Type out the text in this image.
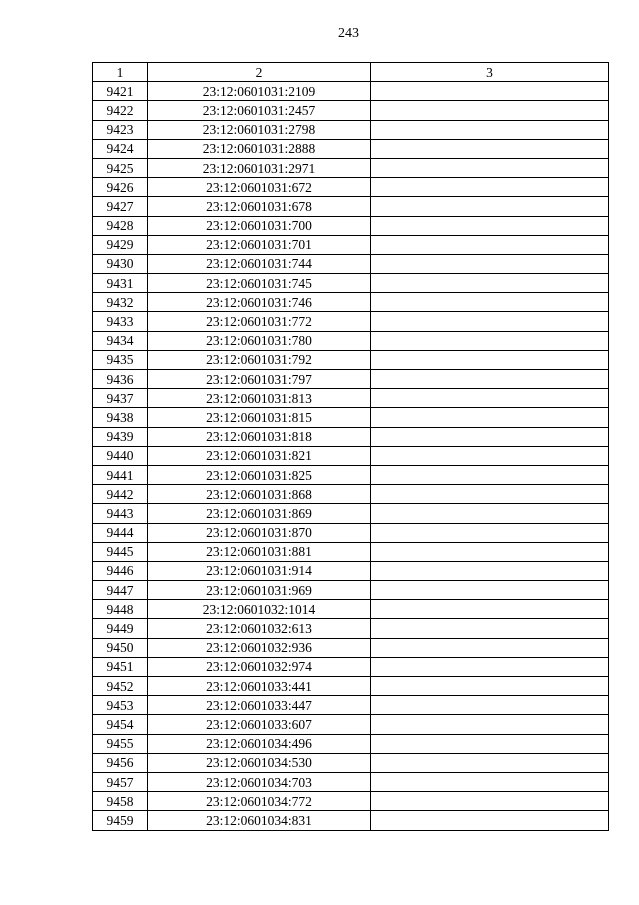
243
1	2	3
9421	23:12:0601031:2109	
9422	23:12:0601031:2457	
9423	23:12:0601031:2798	
9424	23:12:0601031:2888	
9425	23:12:0601031:2971	
9426	23:12:0601031:672	
9427	23:12:0601031:678	
9428	23:12:0601031:700	
9429	23:12:0601031:701	
9430	23:12:0601031:744	
9431	23:12:0601031:745	
9432	23:12:0601031:746	
9433	23:12:0601031:772	
9434	23:12:0601031:780	
9435	23:12:0601031:792	
9436	23:12:0601031:797	
9437	23:12:0601031:813	
9438	23:12:0601031:815	
9439	23:12:0601031:818	
9440	23:12:0601031:821	
9441	23:12:0601031:825	
9442	23:12:0601031:868	
9443	23:12:0601031:869	
9444	23:12:0601031:870	
9445	23:12:0601031:881	
9446	23:12:0601031:914	
9447	23:12:0601031:969	
9448	23:12:0601032:1014	
9449	23:12:0601032:613	
9450	23:12:0601032:936	
9451	23:12:0601032:974	
9452	23:12:0601033:441	
9453	23:12:0601033:447	
9454	23:12:0601033:607	
9455	23:12:0601034:496	
9456	23:12:0601034:530	
9457	23:12:0601034:703	
9458	23:12:0601034:772	
9459	23:12:0601034:831	
